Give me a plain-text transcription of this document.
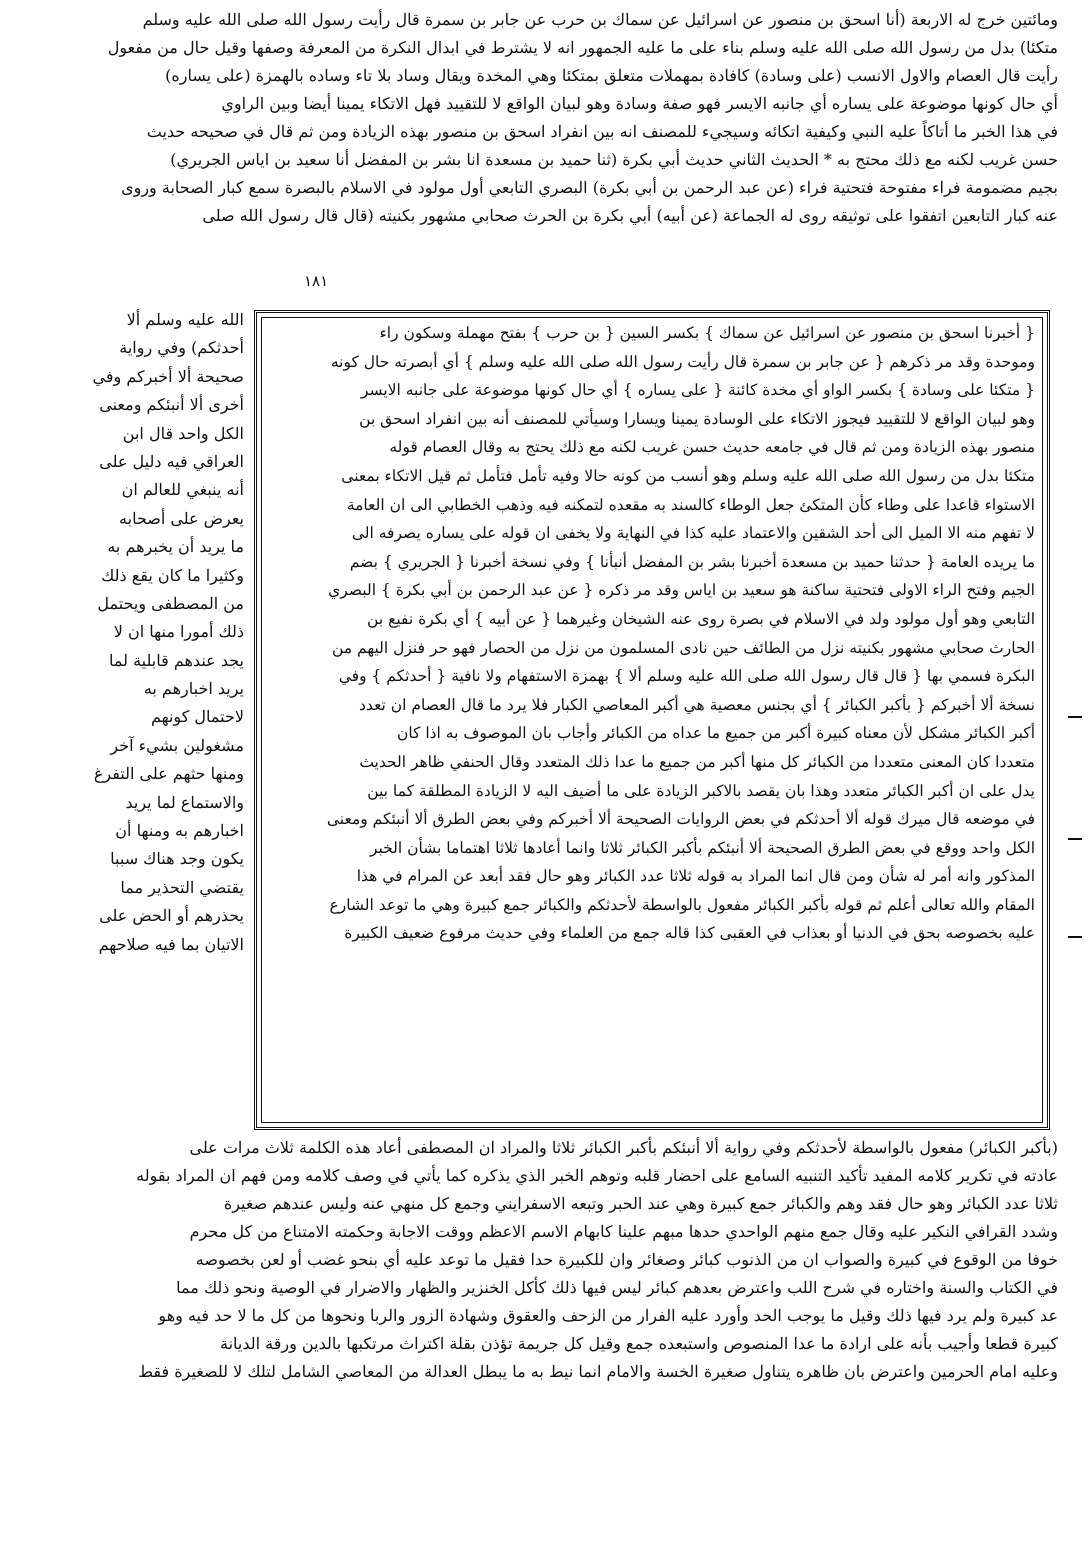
ومائتين خرج له الاربعة (أنا اسحق بن منصور عن اسرائيل عن سماك بن حرب عن جابر بن سمرة قال رأيت رسول الله صلى الله عليه وسلم
متكئا) بدل من رسول الله صلى الله عليه وسلم بناء على ما عليه الجمهور انه لا يشترط في ابدال النكرة من المعرفة وصفها وقيل حال من مفعول
رأيت قال العصام والاول الانسب (على وسادة) كافادة بمهملات متعلق بمتكئا وهي المخدة ويقال وساد بلا تاء وساده بالهمزة (على يساره)
أي حال كونها موضوعة على يساره أي جانبه الايسر فهو صفة وسادة وهو لبيان الواقع لا للتقييد فهل الاتكاء يمينا أيضا وبين الراوي
في هذا الخبر ما أتاكاً عليه النبي وكيفية اتكائه وسيجيء للمصنف انه بين انفراد اسحق بن منصور بهذه الزيادة ومن ثم قال في صحيحه حديث
حسن غريب لكنه مع ذلك محتج به * الحديث الثاني حديث أبي بكرة (ثنا حميد بن مسعدة انا بشر بن المفضل أنا سعيد بن اياس الجريري)
بجيم مضمومة فراء مفتوحة فتحتية فراء (عن عبد الرحمن بن أبي بكرة) البصري التابعي أول مولود في الاسلام بالبصرة سمع كبار الصحابة وروى
عنه كبار التابعين اتفقوا على توثيقه روى له الجماعة (عن أبيه) أبي بكرة بن الحرث صحابي مشهور بكنيته (قال قال رسول الله صلى
١٨١
الله عليه وسلم ألا
أحدثكم) وفي رواية
صحيحة ألا أخبركم وفي
أخرى ألا أنبئكم ومعنى
الكل واحد قال ابن
العراقي فيه دليل على
أنه ينبغي للعالم ان
يعرض على أصحابه
ما يريد أن يخبرهم به
وكثيرا ما كان يقع ذلك
من المصطفى ويحتمل
ذلك أمورا منها ان لا
يجد عندهم قابلية لما
يريد اخبارهم به
لاحتمال كونهم
مشغولين بشيء آخر
ومنها حثهم على التفرغ
والاستماع لما يريد
اخبارهم به ومنها أن
يكون وجد هناك سببا
يقتضي التحذير مما
يحذرهم أو الحض على
الاتيان بما فيه صلاحهم
{ أخبرنا اسحق بن منصور عن اسرائيل عن سماك } بكسر السين { بن حرب } بفتح مهملة وسكون راء
وموحدة وقد مر ذكرهم { عن جابر بن سمرة قال رأيت رسول الله صلى الله عليه وسلم } أي أبصرته حال كونه
{ متكئا على وسادة } بكسر الواو أي مخدة كائنة { على يساره } أي حال كونها موضوعة على جانبه الايسر
وهو لبيان الواقع لا للتقييد فيجوز الاتكاء على الوسادة يمينا ويسارا وسيأتي للمصنف أنه بين انفراد اسحق بن
منصور بهذه الزيادة ومن ثم قال في جامعه حديث حسن غريب لكنه مع ذلك يحتج به وقال العصام قوله
متكئا بدل من رسول الله صلى الله عليه وسلم وهو أنسب من كونه حالا وفيه تأمل فتأمل ثم قيل الاتكاء بمعنى
الاستواء قاعدا على وطاء كأن المتكئ جعل الوطاء كالسند به مقعده لتمكنه فيه وذهب الخطابي الى ان العامة
لا تفهم منه الا الميل الى أحد الشقين والاعتماد عليه كذا في النهاية ولا يخفى ان قوله على يساره يصرفه الى
ما يريده العامة { حدثنا حميد بن مسعدة أخبرنا بشر بن المفضل أنبأنا } وفي نسخة أخبرنا { الجريري } بضم
الجيم وفتح الراء الاولى فتحتية ساكنة هو سعيد بن اياس وقد مر ذكره { عن عبد الرحمن بن أبي بكرة } البصري
التابعي وهو أول مولود ولد في الاسلام في بصرة روى عنه الشيخان وغيرهما { عن أبيه } أي بكرة نفيع بن
الحارث صحابي مشهور بكنيته نزل من الطائف حين نادى المسلمون من نزل من الحصار فهو حر فنزل اليهم من
البكرة فسمي بها { قال قال رسول الله صلى الله عليه وسلم ألا } بهمزة الاستفهام ولا نافية { أحدثكم } وفي
نسخة ألا أخبركم { بأكبر الكبائر } أي بجنس معصية هي أكبر المعاصي الكبار فلا يرد ما قال العصام ان تعدد
أكبر الكبائر مشكل لأن معناه كبيرة أكبر من جميع ما عداه من الكبائر وأجاب بان الموصوف به اذا كان
متعددا كان المعنى متعددا من الكبائر كل منها أكبر من جميع ما عدا ذلك المتعدد وقال الحنفي ظاهر الحديث
يدل على ان أكبر الكبائر متعدد وهذا بان يقصد بالاكبر الزيادة على ما أضيف اليه لا الزيادة المطلقة كما بين
في موضعه قال ميرك قوله ألا أحدثكم في بعض الروايات الصحيحة ألا أخبركم وفي بعض الطرق ألا أنبئكم ومعنى
الكل واحد ووقع في بعض الطرق الصحيحة ألا أنبئكم بأكبر الكبائر ثلاثا وانما أعادها ثلاثا اهتماما بشأن الخبر
المذكور وانه أمر له شأن ومن قال انما المراد به قوله ثلاثا عدد الكبائر وهو حال فقد أبعد عن المرام في هذا
المقام والله تعالى أعلم ثم قوله بأكبر الكبائر مفعول بالواسطة لأحدثكم والكبائر جمع كبيرة وهي ما توعد الشارع
عليه بخصوصه بحق في الدنيا أو بعذاب في العقبى كذا قاله جمع من العلماء وفي حديث مرفوع ضعيف الكبيرة
(بأكبر الكبائر) مفعول بالواسطة لأحدثكم وفي رواية ألا أنبئكم بأكبر الكبائر ثلاثا والمراد ان المصطفى أعاد هذه الكلمة ثلاث مرات على
عادته في تكرير كلامه المفيد تأكيد التنبيه السامع على احضار قلبه وتوهم الخبر الذي يذكره كما يأتي في وصف كلامه ومن فهم ان المراد بقوله
ثلاثا عدد الكبائر وهو حال فقد وهم والكبائر جمع كبيرة وهي عند الحبر وتبعه الاسفرايني وجمع كل منهي عنه وليس عندهم صغيرة
وشدد القرافي النكير عليه وقال جمع منهم الواحدي حدها مبهم علينا كابهام الاسم الاعظم ووقت الاجابة وحكمته الامتناع من كل محرم
خوفا من الوقوع في كبيرة والصواب ان من الذنوب كبائر وصغائر وان للكبيرة حدا فقيل ما توعد عليه أي بنحو غضب أو لعن بخصوصه
في الكتاب والسنة واختاره في شرح اللب واعترض بعدهم كبائر ليس فيها ذلك كأكل الخنزير والظهار والاضرار في الوصية ونحو ذلك مما
عد كبيرة ولم يرد فيها ذلك وقيل ما يوجب الحد وأورد عليه الفرار من الزحف والعقوق وشهادة الزور والربا ونحوها من كل ما لا حد فيه وهو
كبيرة قطعا وأجيب بأنه على ارادة ما عدا المنصوص واستبعده جمع وقيل كل جريمة تؤذن بقلة اكتراث مرتكبها بالدين ورقة الديانة
وعليه امام الحرمين واعترض بان ظاهره يتناول صغيرة الخسة والامام انما نيط به ما يبطل العدالة من المعاصي الشامل لتلك لا للصغيرة فقط
